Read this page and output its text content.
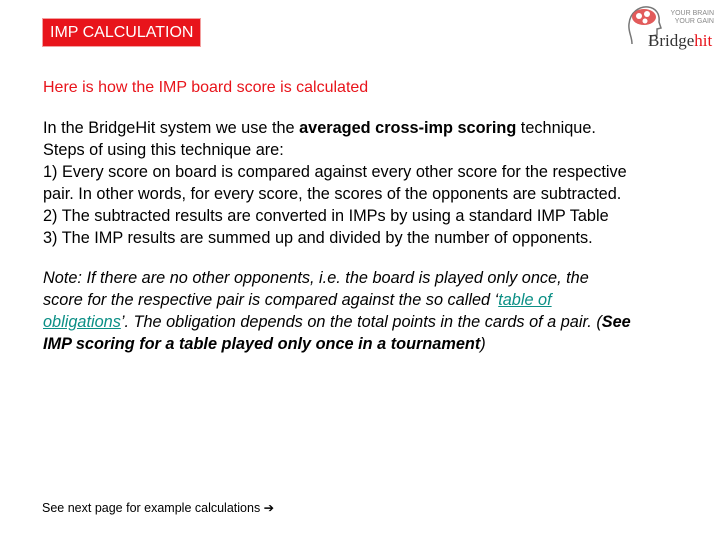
IMP CALCULATION
YOUR BRAIN
YOUR GAIN
Bridgehit
Here is how the IMP board score is calculated
In the BridgeHit system we use the averaged cross-imp scoring technique.
Steps of using this technique are:
1) Every score on board is compared against every other score for the respective
pair. In other words, for every score, the scores of the opponents are subtracted.
2) The subtracted results are converted in IMPs by using a standard IMP Table
3) The IMP results are summed up and divided by the number of opponents.
Note: If there are no other opponents, i.e. the board is played only once, the
score for the respective pair is compared against the so called ‘table of
obligations’. The obligation depends on the total points in the cards of a pair. (See
IMP scoring for a table played only once in a tournament)
See next page for example calculations ➔
